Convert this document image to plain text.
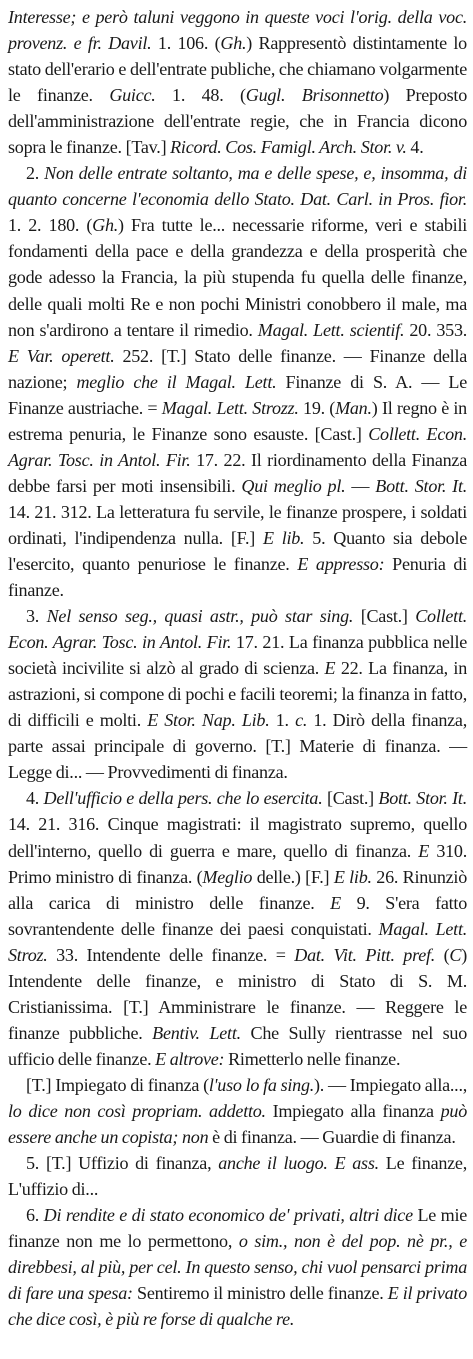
Interesse; e però taluni veggono in queste voci l'orig. della voc. provenz. e fr. Davil. 1. 106. (Gh.) Rappresentò distintamente lo stato dell'erario e dell'entrate publiche, che chiamano volgarmente le finanze. Guicc. 1. 48. (Gugl. Brisonnetto) Preposto dell'amministrazione dell'entrate regie, che in Francia dicono sopra le finanze. [Tav.] Ricord. Cos. Famigl. Arch. Stor. v. 4.

2. Non delle entrate soltanto, ma e delle spese, e, insomma, di quanto concerne l'economia dello Stato. Dat. Carl. in Pros. fior. 1. 2. 180. (Gh.) Fra tutte le... necessarie riforme, veri e stabili fondamenti della pace e della grandezza e della prosperità che gode adesso la Francia, la più stupenda fu quella delle finanze, delle quali molti Re e non pochi Ministri conobbero il male, ma non s'ardirono a tentare il rimedio. Magal. Lett. scientif. 20. 353. E Var. operett. 252. [T.] Stato delle finanze. — Finanze della nazione; meglio che il Magal. Lett. Finanze di S. A. — Le Finanze austriache. = Magal. Lett. Strozz. 19. (Man.) Il regno è in estrema penuria, le Finanze sono esauste. [Cast.] Collett. Econ. Agrar. Tosc. in Antol. Fir. 17. 22. Il riordinamento della Finanza debbe farsi per moti insensibili. Qui meglio pl. — Bott. Stor. It. 14. 21. 312. La letteratura fu servile, le finanze prospere, i soldati ordinati, l'indipendenza nulla. [F.] E lib. 5. Quanto sia debole l'esercito, quanto penuriose le finanze. E appresso: Penuria di finanze.

3. Nel senso seg., quasi astr., può star sing. [Cast.] Collett. Econ. Agrar. Tosc. in Antol. Fir. 17. 21. La finanza pubblica nelle società incivilite si alzò al grado di scienza. E 22. La finanza, in astrazioni, si compone di pochi e facili teoremi; la finanza in fatto, di difficili e molti. E Stor. Nap. Lib. 1. c. 1. Dirò della finanza, parte assai principale di governo. [T.] Materie di finanza. — Legge di... — Provvedimenti di finanza.

4. Dell'ufficio e della pers. che lo esercita. [Cast.] Bott. Stor. It. 14. 21. 316. Cinque magistrati: il magistrato supremo, quello dell'interno, quello di guerra e mare, quello di finanza. E 310. Primo ministro di finanza. (Meglio delle.) [F.] E lib. 26. Rinunziò alla carica di ministro delle finanze. E 9. S'era fatto sovrantendente delle finanze dei paesi conquistati. Magal. Lett. Stroz. 33. Intendente delle finanze. = Dat. Vit. Pitt. pref. (C) Intendente delle finanze, e ministro di Stato di S. M. Cristianissima. [T.] Amministrare le finanze. — Reggere le finanze pubbliche. Bentiv. Lett. Che Sully rientrasse nel suo ufficio delle finanze. E altrove: Rimetterlo nelle finanze.

[T.] Impiegato di finanza (l'uso lo fa sing.). — Impiegato alla..., lo dice non così propriam. addetto. Impiegato alla finanza può essere anche un copista; non è di finanza. — Guardie di finanza.

5. [T.] Uffizio di finanza, anche il luogo. E ass. Le finanze, L'uffizio di...

6. Di rendite e di stato economico de' privati, altri dice Le mie finanze non me lo permettono, o sim., non è del pop. nè pr., e direbbesi, al più, per cel. In questo senso, chi vuol pensarci prima di fare una spesa: Sentiremo il ministro delle finanze. E il privato che dice così, è più re forse di qualche re.
